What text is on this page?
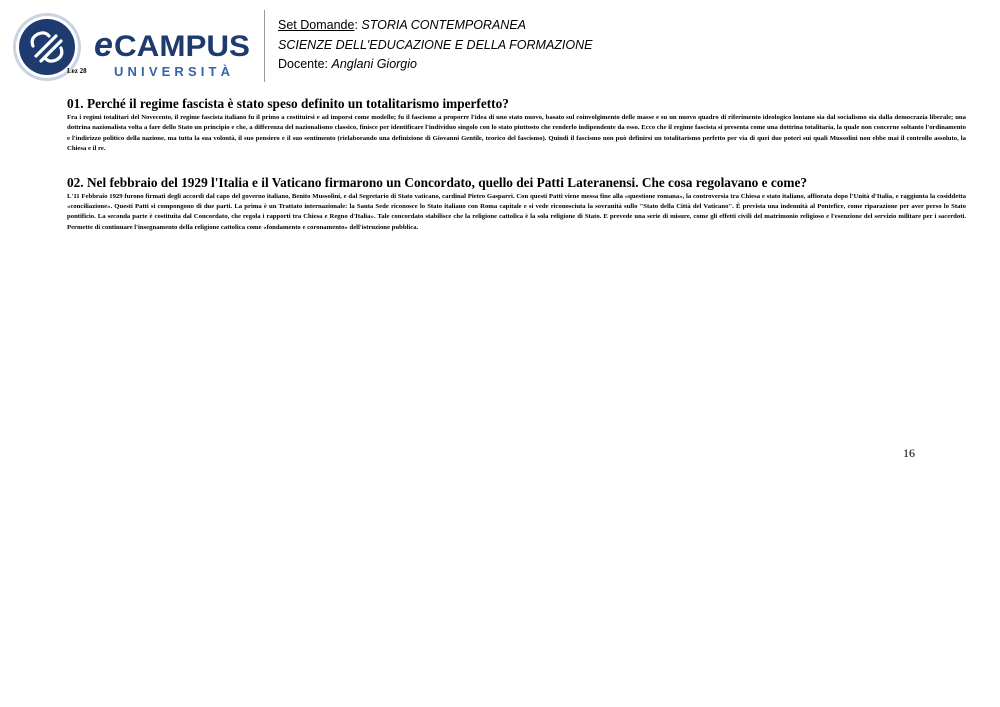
e CAMPUS
UNIVERSITÀ
Lez 28
Set Domande: STORIA CONTEMPORANEA
SCIENZE DELL'EDUCAZIONE E DELLA FORMAZIONE
Docente: Anglani Giorgio
01. Perché il regime fascista è stato speso definito un totalitarismo imperfetto?

Fra i regimi totalitari del Novecento, il regime fascista italiano fu il primo a costituirsi e ad imporsi come modello; fu il fascismo a proporre l'idea di uno stato nuovo, basato sul coinvolgimento delle masse e su un nuovo quadro di riferimento ideologico lontano sia dal socialismo sia dalla democrazia liberale; una dottrina nazionalista volta a fare dello Stato un principio e che, a differenza del nazionalismo classico, finisce per identificare l'individuo singolo con lo stato piuttosto che renderlo indipendente da esso. Ecco che il regime fascista si presenta come una dottrina totalitaria, la quale non concerne soltanto l'ordinamento e l'indirizzo politico della nazione, ma tutta la sua volontà, il suo pensiero e il suo sentimento (rielaborando una definizione di Giovanni Gentile, teorico del fascismo). Quindi il fascismo non può definirsi un totalitarismo perfetto per via di quei due poteri sui quali Mussolini non ebbe mai il controllo assoluto, la Chiesa e il re.

02. Nel febbraio del 1929 l'Italia e il Vaticano firmarono un Concordato, quello dei Patti Lateranensi. Che cosa regolavano e come?

L'11 Febbraio 1929 furono firmati degli accordi dal capo del governo italiano, Benito Mussolini, e dal Segretario di Stato vaticano, cardinal Pietro Gasparri. Con questi Patti viene messa fine alla «questione romana», la controversia tra Chiesa e stato italiano, affiorata dopo l'Unità d'Italia, e raggiunta la cosiddetta «conciliazione». Questi Patti si compongono di due parti. La prima è un Trattato internazionale: la Santa Sede riconosce lo Stato italiano con Roma capitale e si vede riconosciuta la sovranità sullo "Stato della Città del Vaticano". È prevista una indennità al Pontefice, come riparazione per aver perso lo Stato pontificio. La seconda parte è costituita dal Concordato, che regola i rapporti tra Chiesa e Regno d'Italia». Tale concordato stabilisce che la religione cattolica è la sola religione di Stato. E prevede una serie di misure, come gli effetti civili del matrimonio religioso e l'esenzione del servizio militare per i sacerdoti. Permette di continuare l'insegnamento della religione cattolica come «fondamento e coronamento» dell'istruzione pubblica.

16
